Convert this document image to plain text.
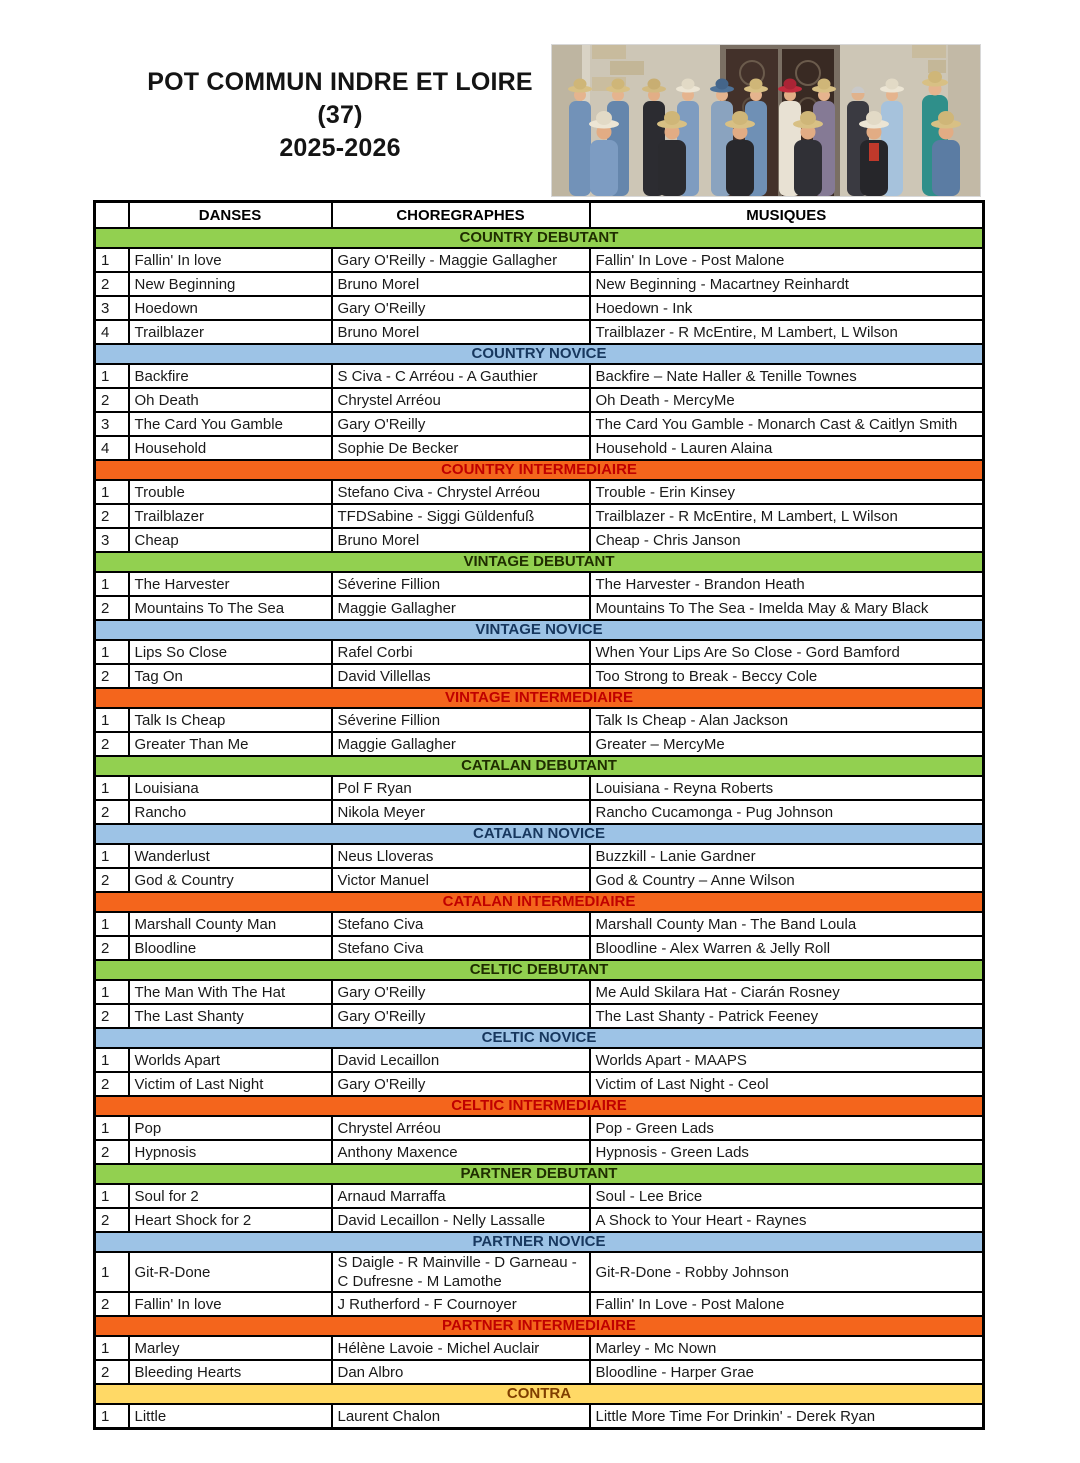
POT COMMUN INDRE ET LOIRE (37)
2025-2026
	DANSES	CHOREGRAPHES	MUSIQUES
COUNTRY DEBUTANT			
1	Fallin' In love	Gary O'Reilly - Maggie Gallagher	Fallin' In Love - Post Malone
2	New Beginning	Bruno Morel	New Beginning - Macartney Reinhardt
3	Hoedown	Gary O'Reilly	Hoedown - Ink
4	Trailblazer	Bruno Morel	Trailblazer - R McEntire, M Lambert, L Wilson
COUNTRY NOVICE			
1	Backfire	S Civa - C Arréou - A Gauthier	Backfire – Nate Haller & Tenille Townes
2	Oh Death	Chrystel Arréou	Oh Death - MercyMe
3	The Card You Gamble	Gary O'Reilly	The Card You Gamble - Monarch Cast & Caitlyn Smith
4	Household	Sophie De Becker	Household - Lauren Alaina
COUNTRY INTERMEDIAIRE			
1	Trouble	Stefano Civa - Chrystel Arréou	Trouble - Erin Kinsey
2	Trailblazer	TFDSabine - Siggi Güldenfuß	Trailblazer - R McEntire, M Lambert, L Wilson
3	Cheap	Bruno Morel	Cheap - Chris Janson
VINTAGE DEBUTANT			
1	The Harvester	Séverine Fillion	The Harvester - Brandon Heath
2	Mountains To The Sea	Maggie Gallagher	Mountains To The Sea - Imelda May & Mary Black
VINTAGE NOVICE			
1	Lips So Close	Rafel Corbi	When Your Lips Are So Close - Gord Bamford
2	Tag On	David Villellas	Too Strong to Break - Beccy Cole
VINTAGE INTERMEDIAIRE			
1	Talk Is Cheap	Séverine Fillion	Talk Is Cheap - Alan Jackson
2	Greater Than Me	Maggie Gallagher	Greater – MercyMe
CATALAN DEBUTANT			
1	Louisiana	Pol F Ryan	Louisiana - Reyna Roberts
2	Rancho	Nikola Meyer	Rancho Cucamonga - Pug Johnson
CATALAN NOVICE			
1	Wanderlust	Neus Lloveras	Buzzkill - Lanie Gardner
2	God & Country	Victor Manuel	God & Country – Anne Wilson
CATALAN INTERMEDIAIRE			
1	Marshall County Man	Stefano Civa	Marshall County Man - The Band Loula
2	Bloodline	Stefano Civa	Bloodline - Alex Warren & Jelly Roll
CELTIC DEBUTANT			
1	The Man With The Hat	Gary O'Reilly	Me Auld Skilara Hat - Ciarán Rosney
2	The Last Shanty	Gary O'Reilly	The Last Shanty - Patrick Feeney
CELTIC NOVICE			
1	Worlds Apart	David Lecaillon	Worlds Apart - MAAPS
2	Victim of Last Night	Gary O'Reilly	Victim of Last Night - Ceol
CELTIC INTERMEDIAIRE			
1	Pop	Chrystel Arréou	Pop - Green Lads
2	Hypnosis	Anthony Maxence	Hypnosis - Green Lads
PARTNER DEBUTANT			
1	Soul for 2	Arnaud Marraffa	Soul - Lee Brice
2	Heart Shock for 2	David Lecaillon - Nelly Lassalle	A Shock to Your Heart - Raynes
PARTNER NOVICE			
1	Git-R-Done	S Daigle - R Mainville - D Garneau - C Dufresne - M Lamothe	Git-R-Done - Robby Johnson
2	Fallin' In love	J Rutherford - F Cournoyer	Fallin' In Love - Post Malone
PARTNER INTERMEDIAIRE			
1	Marley	Hélène Lavoie - Michel Auclair	Marley - Mc Nown
2	Bleeding Hearts	Dan Albro	Bloodline - Harper Grae
CONTRA			
1	Little	Laurent Chalon	Little More Time For Drinkin' - Derek Ryan
